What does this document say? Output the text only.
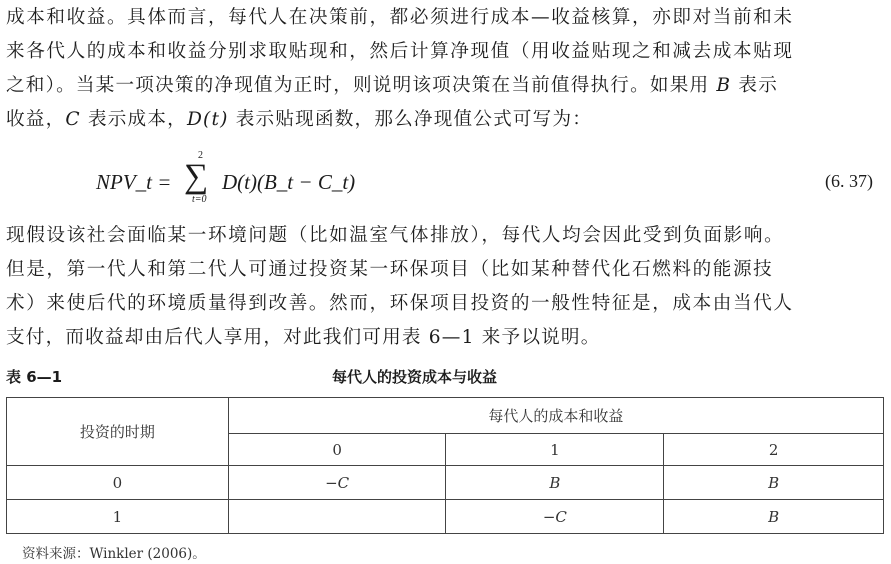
成本和收益。具体而言，每代人在决策前，都必须进行成本—收益核算，亦即对当前和未
来各代人的成本和收益分别求取贴现和，然后计算净现值（用收益贴现之和减去成本贴现
之和）。当某一项决策的净现值为正时，则说明该项决策在当前值得执行。如果用 B 表示
收益，C 表示成本，D(t) 表示贴现函数，那么净现值公式可写为：
NPV_t =
2
∑
t=0
D(t)(B_t − C_t)	(6. 37)
现假设该社会面临某一环境问题（比如温室气体排放），每代人均会因此受到负面影响。
但是，第一代人和第二代人可通过投资某一环保项目（比如某种替代化石燃料的能源技
术）来使后代的环境质量得到改善。然而，环保项目投资的一般性特征是，成本由当代人
支付，而收益却由后代人享用，对此我们可用表 6—1 来予以说明。
表 6—1	每代人的投资成本与收益
投资的时期	每代人的成本和收益		
	0	1	2
0	−C	B	B
1		−C	B
资料来源：Winkler (2006)。
